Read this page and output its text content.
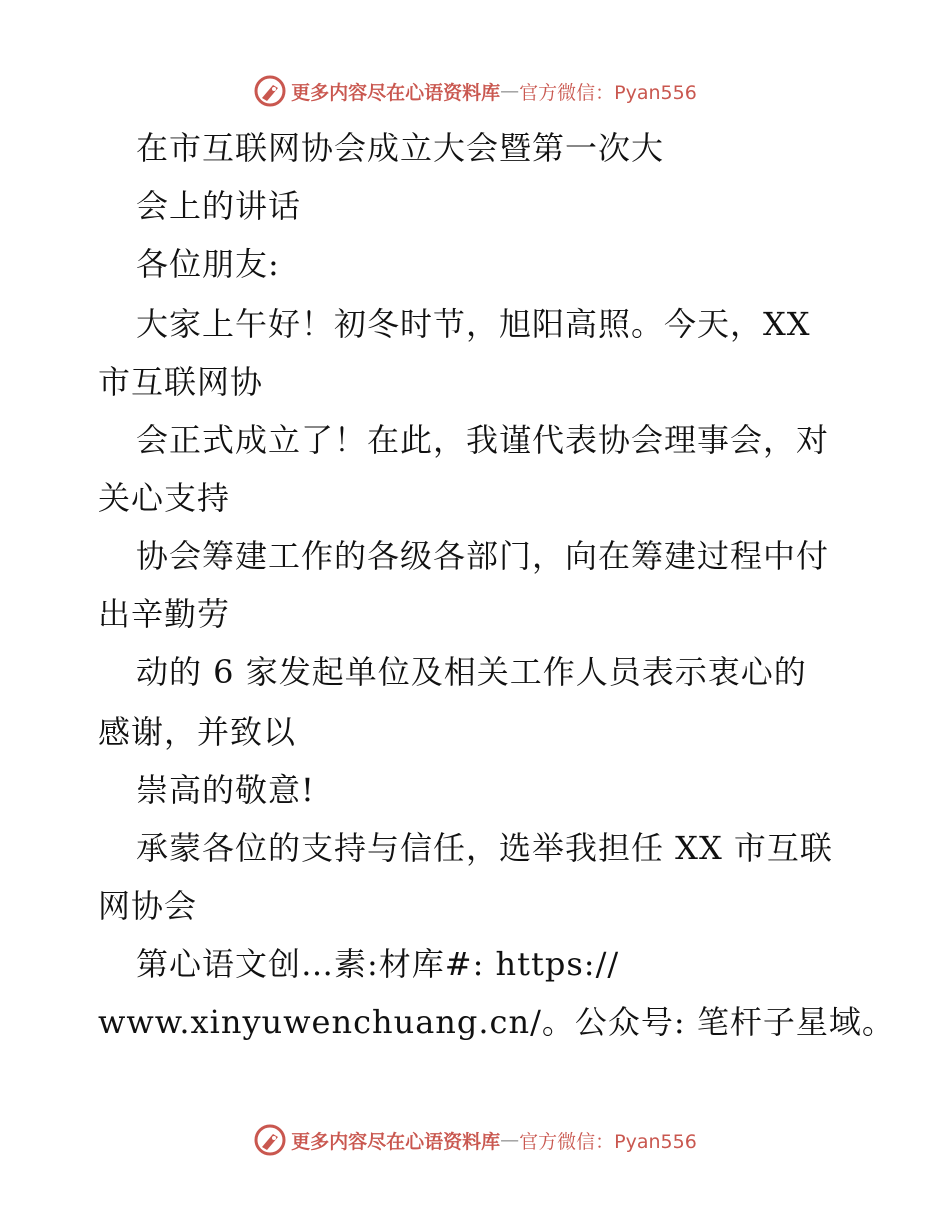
更多内容尽在心语资料库 — 官方微信：Pyan556
在市互联网协会成立大会暨第一次大
会上的讲话
各位朋友:
大家上午好！初冬时节，旭阳高照。今天，XX
市互联网协
会正式成立了！在此，我谨代表协会理事会，对
关心支持
协会筹建工作的各级各部门，向在筹建过程中付
出辛勤劳
动的 6 家发起单位及相关工作人员表示衷心的
感谢，并致以
崇高的敬意!
承蒙各位的支持与信任，选举我担任 XX 市互联
网协会
第心语文创…素:材库#: https://
www.xinyuwenchuang.cn/。公众号: 笔杆子星域。
更多内容尽在心语资料库 — 官方微信：Pyan556
